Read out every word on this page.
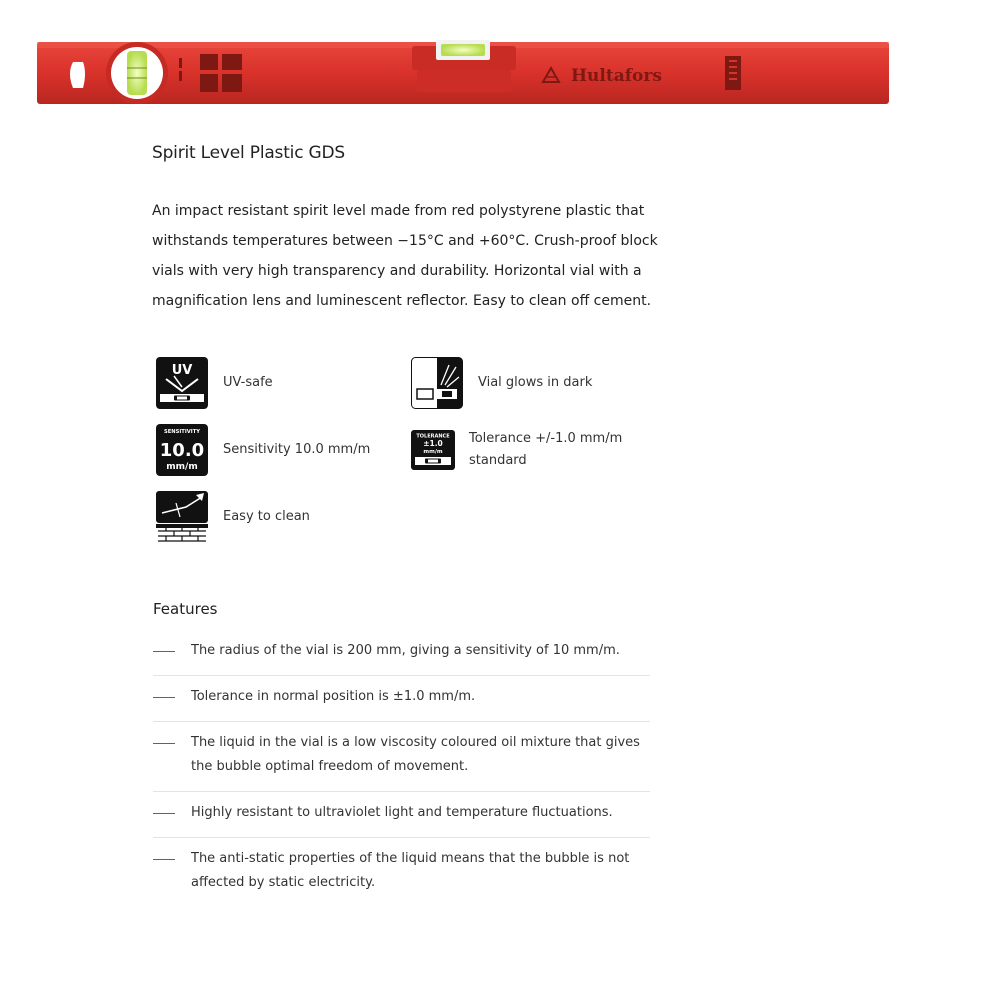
Hultafors
Spirit Level Plastic GDS

An impact resistant spirit level made from red polystyrene plastic that withstands temperatures between −15°C and +60°C. Crush-proof block vials with very high transparency and durability. Horizontal vial with a magnification lens and luminescent reflector. Easy to clean off cement.

UV
UV-safe	Vial glows in dark
SENSITIVITY
10.0
mm/m
Sensitivity 10.0 mm/m
TOLERANCE
±1.0
mm/m
Tolerance +/-1.0 mm/m standard
Easy to clean
Features
The radius of the vial is 200 mm, giving a sensitivity of 10 mm/m.
Tolerance in normal position is ±1.0 mm/m.
The liquid in the vial is a low viscosity coloured oil mixture that gives the bubble optimal freedom of movement.
Highly resistant to ultraviolet light and temperature fluctuations.
The anti-static properties of the liquid means that the bubble is not affected by static electricity.
